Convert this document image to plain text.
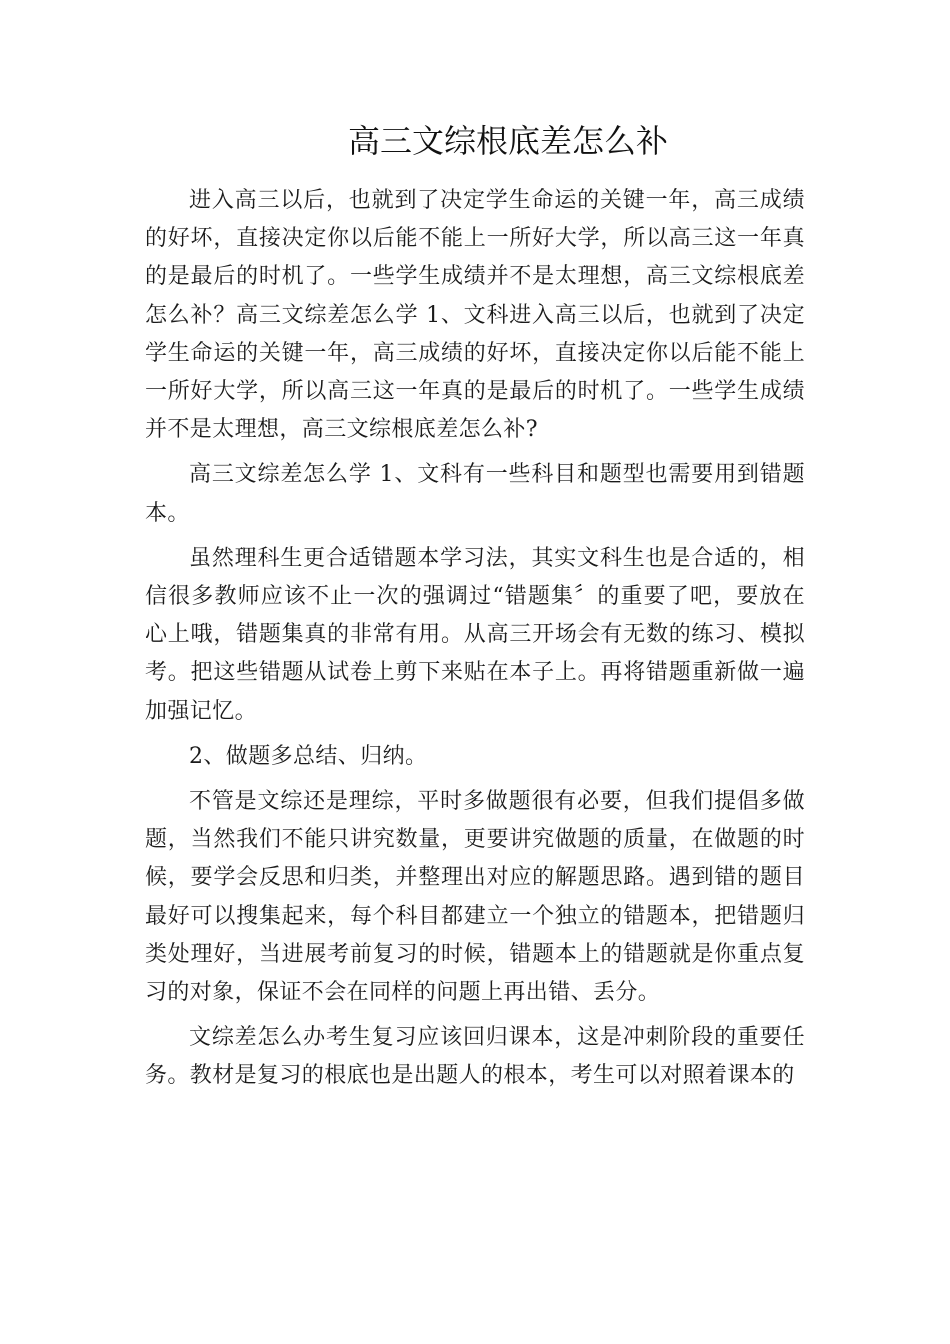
高三文综根底差怎么补

进入高三以后，也就到了决定学生命运的关键一年，高三成绩的好坏，直接决定你以后能不能上一所好大学，所以高三这一年真的是最后的时机了。一些学生成绩并不是太理想，高三文综根底差怎么补？高三文综差怎么学 1、文科进入高三以后，也就到了决定学生命运的关键一年，高三成绩的好坏，直接决定你以后能不能上一所好大学，所以高三这一年真的是最后的时机了。一些学生成绩并不是太理想，高三文综根底差怎么补?

高三文综差怎么学 1、文科有一些科目和题型也需要用到错题本。

虽然理科生更合适错题本学习法，其实文科生也是合适的，相信很多教师应该不止一次的强调过“错题集〞的重要了吧，要放在心上哦，错题集真的非常有用。从高三开场会有无数的练习、模拟考。把这些错题从试卷上剪下来贴在本子上。再将错题重新做一遍加强记忆。

2、做题多总结、归纳。

不管是文综还是理综，平时多做题很有必要，但我们提倡多做题，当然我们不能只讲究数量，更要讲究做题的质量，在做题的时候，要学会反思和归类，并整理出对应的解题思路。遇到错的题目最好可以搜集起来，每个科目都建立一个独立的错题本，把错题归类处理好，当进展考前复习的时候，错题本上的错题就是你重点复习的对象，保证不会在同样的问题上再出错、丢分。

文综差怎么办考生复习应该回归课本，这是冲刺阶段的重要任务。教材是复习的根底也是出题人的根本，考生可以对照着课本的
